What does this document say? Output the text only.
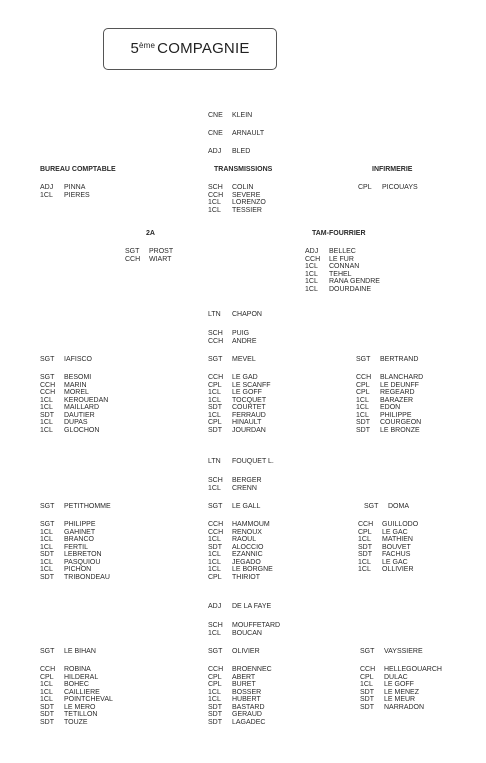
5ème COMPAGNIE
CNE KLEIN
CNE ARNAULT
ADJ BLED
BUREAU COMPTABLE	TRANSMISSIONS	INFIRMERIE
ADJ PINNA
1CL PIERES
SCH COLIN
CCH SEVERE
1CL LORENZO
1CL TESSIER
CPL PICOUAYS
2A	TAM-FOURRIER
SGT PROST
CCH WIART
ADJ BELLEC
CCH LE FUR
1CL CONNAN
1CL TEHEL
1CL RANA GENDRE
1CL DOURDAINE
LTN CHAPON
SCH PUIG
CCH ANDRE
SGT IAFISCO	SGT MEVEL	SGT BERTRAND
SGT BESOMI
CCH MARIN
CCH MOREL
1CL KEROUEDAN
1CL MAILLARD
SDT DAUTIER
1CL DUPAS
1CL GLOCHON
CCH LE GAD
CPL LE SCANFF
1CL LE GOFF
1CL TOCQUET
SDT COURTET
1CL FERRAUD
CPL HINAULT
SDT JOURDAN
CCH BLANCHARD
CPL LE DEUNFF
CPL REGEARD
1CL BARAZER
1CL EDON
1CL PHILIPPE
SDT COURGEON
SDT LE BRONZE
LTN FOUQUET L.
SCH BERGER
1CL CRENN
SGT PETITHOMME	SGT LE GALL	SGT DOMA
SGT PHILIPPE
1CL GAHINET
1CL BRANCO
1CL FERTIL
SDT LEBRETON
1CL PASQUIOU
1CL PICHON
SDT TRIBONDEAU
CCH HAMMOUM
CCH RENOUX
1CL RAOUL
SDT ALOCCIO
1CL EZANNIC
1CL JEGADO
1CL LE BORGNE
CPL THIRIOT
CCH GUILLODO
CPL LE GAC
1CL MATHIEN
SDT BOUVET
SDT FACHUS
1CL LE GAC
1CL OLLIVIER
ADJ DE LA FAYE
SCH MOUFFETARD
1CL BOUCAN
SGT LE BIHAN	SGT OLIVIER	SGT VAYSSIERE
CCH ROBINA
CPL HILDERAL
1CL BOHEC
1CL CAILLIERE
1CL POINTCHEVAL
SDT LE MERO
SDT TETILLON
SDT TOUZE
CCH BROENNEC
CPL ABERT
CPL BURET
1CL BOSSER
1CL HUBERT
SDT BASTARD
SDT GERAUD
SDT LAGADEC
CCH HELLEGOUARCH
CPL DULAC
1CL LE GOFF
SDT LE MENEZ
SDT LE MEUR
SDT NARRADON
